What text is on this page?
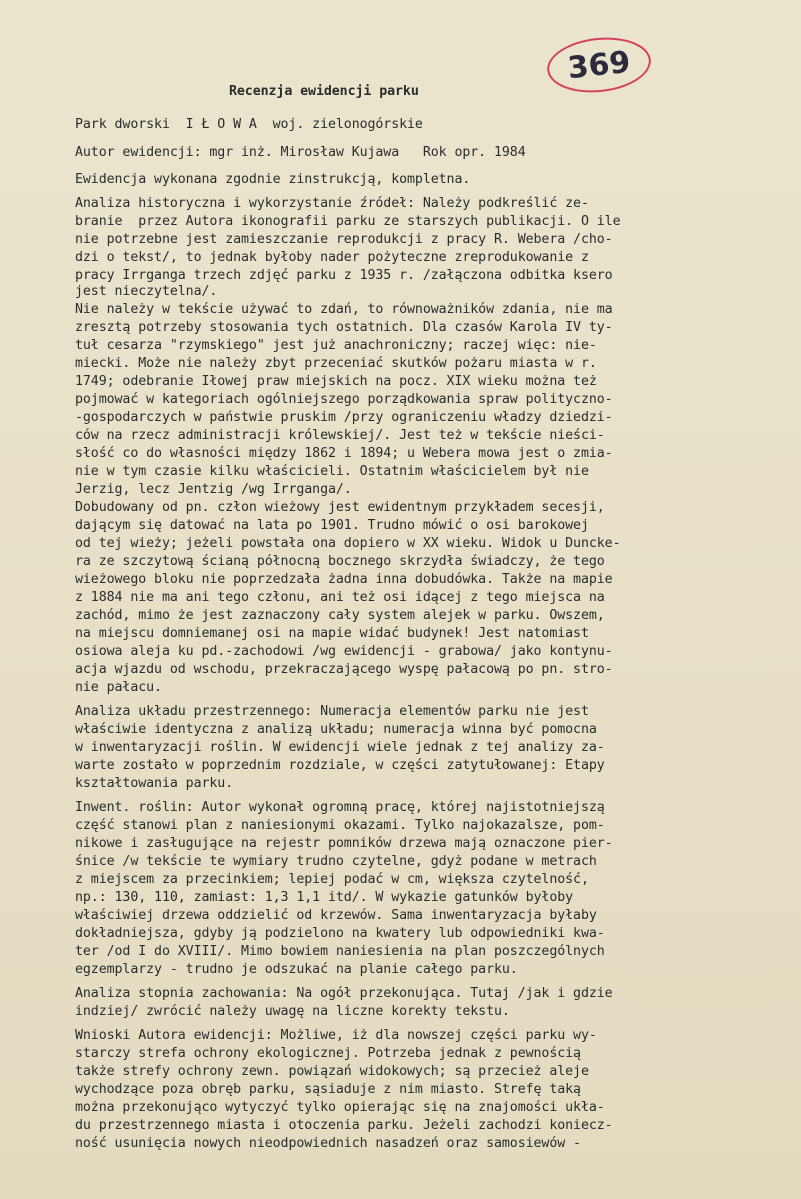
369

Recenzja ewidencji parku

Park dworski  I Ł O W A  woj. zielonogórskie

Autor ewidencji: mgr inż. Mirosław Kujawa   Rok opr. 1984

Ewidencja wykonana zgodnie zinstrukcją, kompletna.

Analiza historyczna i wykorzystanie źródeł: Należy podkreślić ze-

branie  przez Autora ikonografii parku ze starszych publikacji. O ile

nie potrzebne jest zamieszczanie reprodukcji z pracy R. Webera /cho-

dzi o tekst/, to jednak byłoby nader pożyteczne zreprodukowanie z

pracy Irrganga trzech zdjęć parku z 1935 r. /załączona odbitka ksero

jest nieczytelna/.

Nie należy w tekście używać to zdań, to równoważników zdania, nie ma

zresztą potrzeby stosowania tych ostatnich. Dla czasów Karola IV ty-

tuł cesarza "rzymskiego" jest już anachroniczny; raczej więc: nie-

miecki. Może nie należy zbyt przeceniać skutków pożaru miasta w r.

1749; odebranie Iłowej praw miejskich na pocz. XIX wieku można też

pojmować w kategoriach ogólniejszego porządkowania spraw polityczno-

-gospodarczych w państwie pruskim /przy ograniczeniu władzy dziedzi-

ców na rzecz administracji królewskiej/. Jest też w tekście nieści-

słość co do własności między 1862 i 1894; u Webera mowa jest o zmia-

nie w tym czasie kilku właścicieli. Ostatnim właścicielem był nie

Jerzig, lecz Jentzig /wg Irrganga/.

Dobudowany od pn. człon wieżowy jest ewidentnym przykładem secesji,

dającym się datować na lata po 1901. Trudno mówić o osi barokowej

od tej wieży; jeżeli powstała ona dopiero w XX wieku. Widok u Duncke-

ra ze szczytową ścianą północną bocznego skrzydła świadczy, że tego

wieżowego bloku nie poprzedzała żadna inna dobudówka. Także na mapie

z 1884 nie ma ani tego członu, ani też osi idącej z tego miejsca na

zachód, mimo że jest zaznaczony cały system alejek w parku. Owszem,

na miejscu domniemanej osi na mapie widać budynek! Jest natomiast

osiowa aleja ku pd.-zachodowi /wg ewidencji - grabowa/ jako kontynu-

acja wjazdu od wschodu, przekraczającego wyspę pałacową po pn. stro-

nie pałacu.

Analiza układu przestrzennego: Numeracja elementów parku nie jest

właściwie identyczna z analizą układu; numeracja winna być pomocna

w inwentaryzacji roślin. W ewidencji wiele jednak z tej analizy za-

warte zostało w poprzednim rozdziale, w części zatytułowanej: Etapy

kształtowania parku.

Inwent. roślin: Autor wykonał ogromną pracę, której najistotniejszą

część stanowi plan z naniesionymi okazami. Tylko najokazalsze, pom-

nikowe i zasługujące na rejestr pomników drzewa mają oznaczone pier-

śnice /w tekście te wymiary trudno czytelne, gdyż podane w metrach

z miejscem za przecinkiem; lepiej podać w cm, większa czytelność,

np.: 130, 110, zamiast: 1,3 1,1 itd/. W wykazie gatunków byłoby

właściwiej drzewa oddzielić od krzewów. Sama inwentaryzacja byłaby

dokładniejsza, gdyby ją podzielono na kwatery lub odpowiedniki kwa-

ter /od I do XVIII/. Mimo bowiem naniesienia na plan poszczególnych

egzemplarzy - trudno je odszukać na planie całego parku.

Analiza stopnia zachowania: Na ogół przekonująca. Tutaj /jak i gdzie

indziej/ zwrócić należy uwagę na liczne korekty tekstu.

Wnioski Autora ewidencji: Możliwe, iż dla nowszej części parku wy-

starczy strefa ochrony ekologicznej. Potrzeba jednak z pewnością

także strefy ochrony zewn. powiązań widokowych; są przecież aleje

wychodzące poza obręb parku, sąsiaduje z nim miasto. Strefę taką

można przekonująco wytyczyć tylko opierając się na znajomości ukła-

du przestrzennego miasta i otoczenia parku. Jeżeli zachodzi koniecz-

ność usunięcia nowych nieodpowiednich nasadzeń oraz samosiewów -
